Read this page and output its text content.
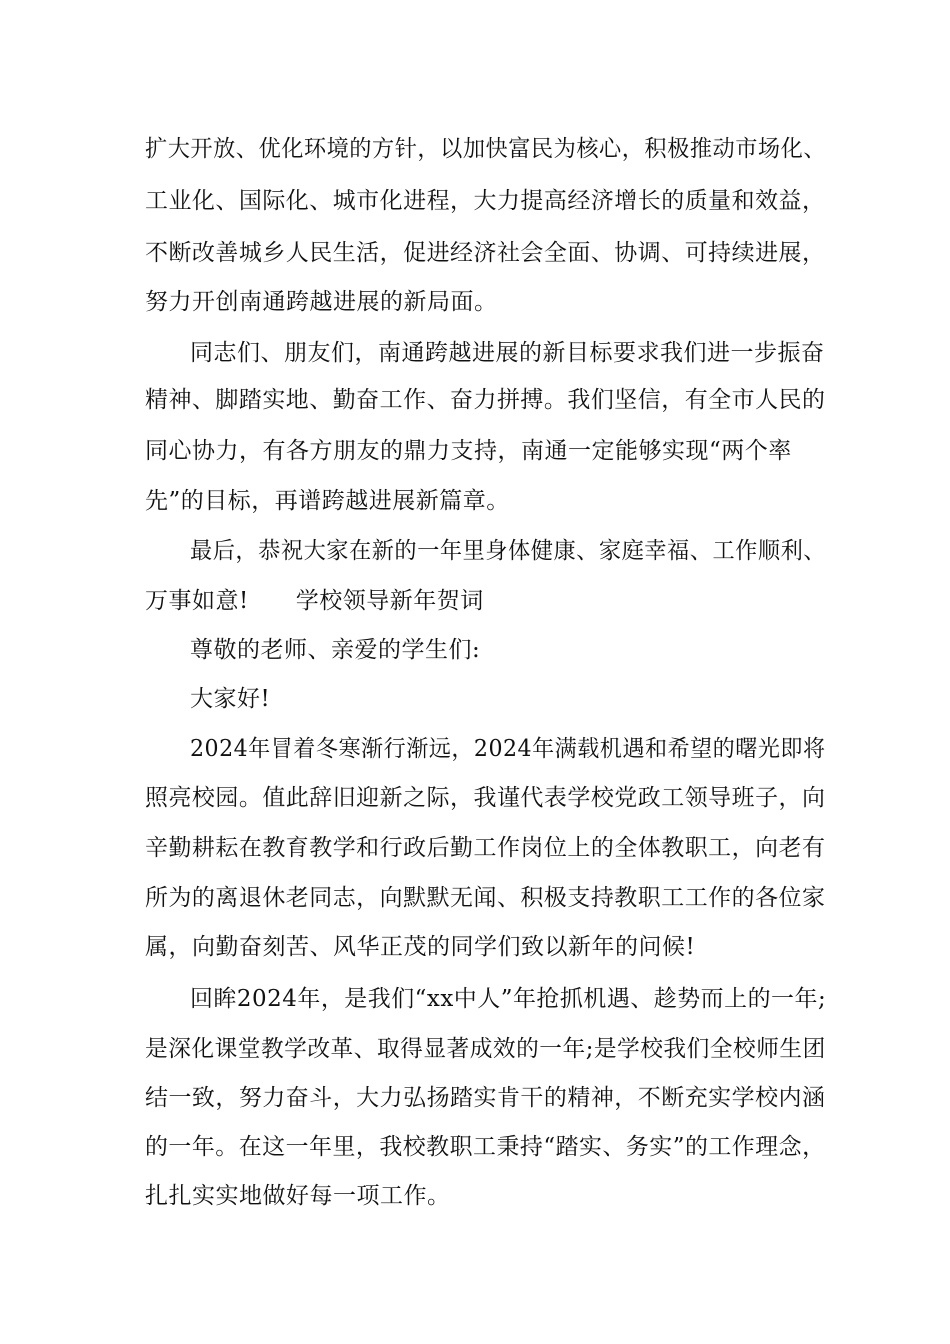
扩大开放、优化环境的方针，以加快富民为核心，积极推动市场化、
工业化、国际化、城市化进程，大力提高经济增长的质量和效益，
不断改善城乡人民生活，促进经济社会全面、协调、可持续进展，
努力开创南通跨越进展的新局面。
同志们、朋友们，南通跨越进展的新目标要求我们进一步振奋
精神、脚踏实地、勤奋工作、奋力拼搏。我们坚信，有全市人民的
同心协力，有各方朋友的鼎力支持，南通一定能够实现“两个率
先”的目标，再谱跨越进展新篇章。
最后，恭祝大家在新的一年里身体健康、家庭幸福、工作顺利、
万事如意!　　学校领导新年贺词
尊敬的老师、亲爱的学生们:
大家好!
2024年冒着冬寒渐行渐远，2024年满载机遇和希望的曙光即将
照亮校园。值此辞旧迎新之际，我谨代表学校党政工领导班子，向
辛勤耕耘在教育教学和行政后勤工作岗位上的全体教职工，向老有
所为的离退休老同志，向默默无闻、积极支持教职工工作的各位家
属，向勤奋刻苦、风华正茂的同学们致以新年的问候!
回眸2024年，是我们“xx中人”年抢抓机遇、趁势而上的一年;
是深化课堂教学改革、取得显著成效的一年;是学校我们全校师生团
结一致，努力奋斗，大力弘扬踏实肯干的精神，不断充实学校内涵
的一年。在这一年里，我校教职工秉持“踏实、务实”的工作理念，
扎扎实实地做好每一项工作。
